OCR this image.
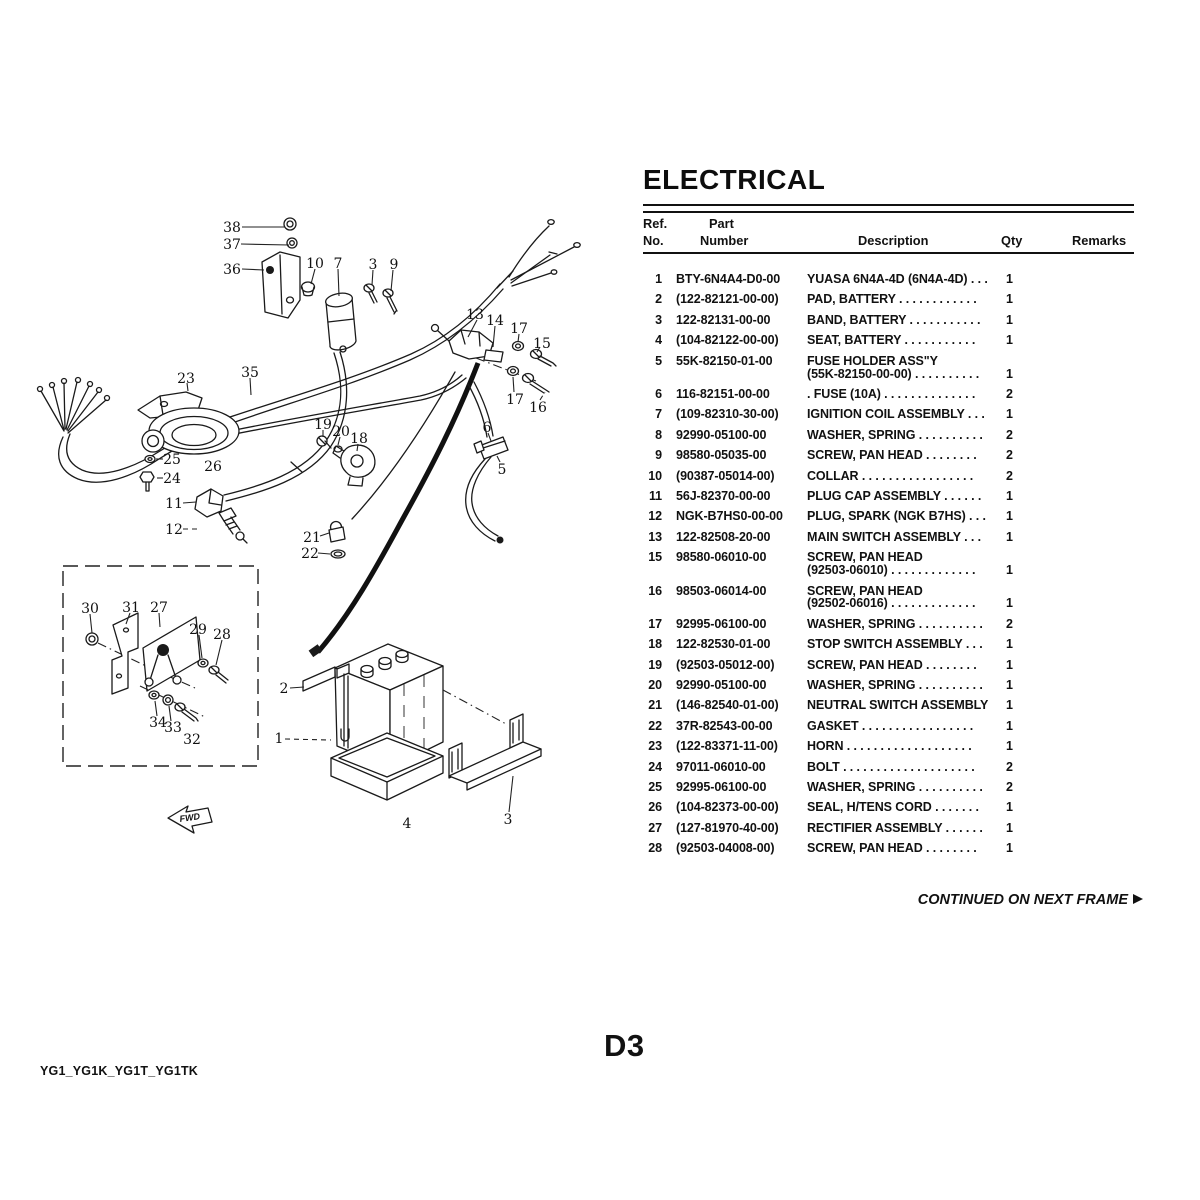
FWD
38
37
36	10 7 3 9
13 14 17
15
23	35
17 16
6
5
19 20 18
25
24
26
11
12	21
22
30 31 27
29 28
34
33
32
2
1
4	3
ELECTRICAL
Ref.
No.
Part
Number	Description	Qty	Remarks
1 BTY-6N4A4-D0-00	YUASA 6N4A-4D (6N4A-4D) . . .	1
2 (122-82121-00-00)	PAD, BATTERY . . . . . . . . . . . .	1
3 122-82131-00-00	BAND, BATTERY . . . . . . . . . . .	1
4 (104-82122-00-00)	SEAT, BATTERY . . . . . . . . . . .	1
5 55K-82150-01-00	FUSE HOLDER ASS"Y
(55K-82150-00-00) . . . . . . . . . .	1
6 116-82151-00-00	. FUSE (10A) . . . . . . . . . . . . . .	2
7 (109-82310-30-00)	IGNITION COIL ASSEMBLY . . .	1
8 92990-05100-00	WASHER, SPRING . . . . . . . . . .	2
9 98580-05035-00	SCREW, PAN HEAD . . . . . . . .	2
10 (90387-05014-00)	COLLAR . . . . . . . . . . . . . . . . .	2
11 56J-82370-00-00	PLUG CAP ASSEMBLY . . . . . .	1
12 NGK-B7HS0-00-00	PLUG, SPARK (NGK B7HS) . . .	1
13 122-82508-20-00	MAIN SWITCH ASSEMBLY . . .	1
15 98580-06010-00	SCREW, PAN HEAD
(92503-06010) . . . . . . . . . . . . .	1
16 98503-06014-00	SCREW, PAN HEAD
(92502-06016) . . . . . . . . . . . . .	1
17 92995-06100-00	WASHER, SPRING . . . . . . . . . .	2
18 122-82530-01-00	STOP SWITCH ASSEMBLY . . .	1
19 (92503-05012-00)	SCREW, PAN HEAD . . . . . . . .	1
20 92990-05100-00	WASHER, SPRING . . . . . . . . . .	1
21 (146-82540-01-00)	NEUTRAL SWITCH ASSEMBLY	1
22 37R-82543-00-00	GASKET . . . . . . . . . . . . . . . . .	1
23 (122-83371-11-00)	HORN . . . . . . . . . . . . . . . . . . .	1
24 97011-06010-00	BOLT . . . . . . . . . . . . . . . . . . . .	2
25 92995-06100-00	WASHER, SPRING . . . . . . . . . .	2
26 (104-82373-00-00)	SEAL, H/TENS CORD . . . . . . .	1
27 (127-81970-40-00)	RECTIFIER ASSEMBLY . . . . . .	1
28 (92503-04008-00)	SCREW, PAN HEAD . . . . . . . .	1
CONTINUED ON NEXT FRAME
D3
YG1_YG1K_YG1T_YG1TK
